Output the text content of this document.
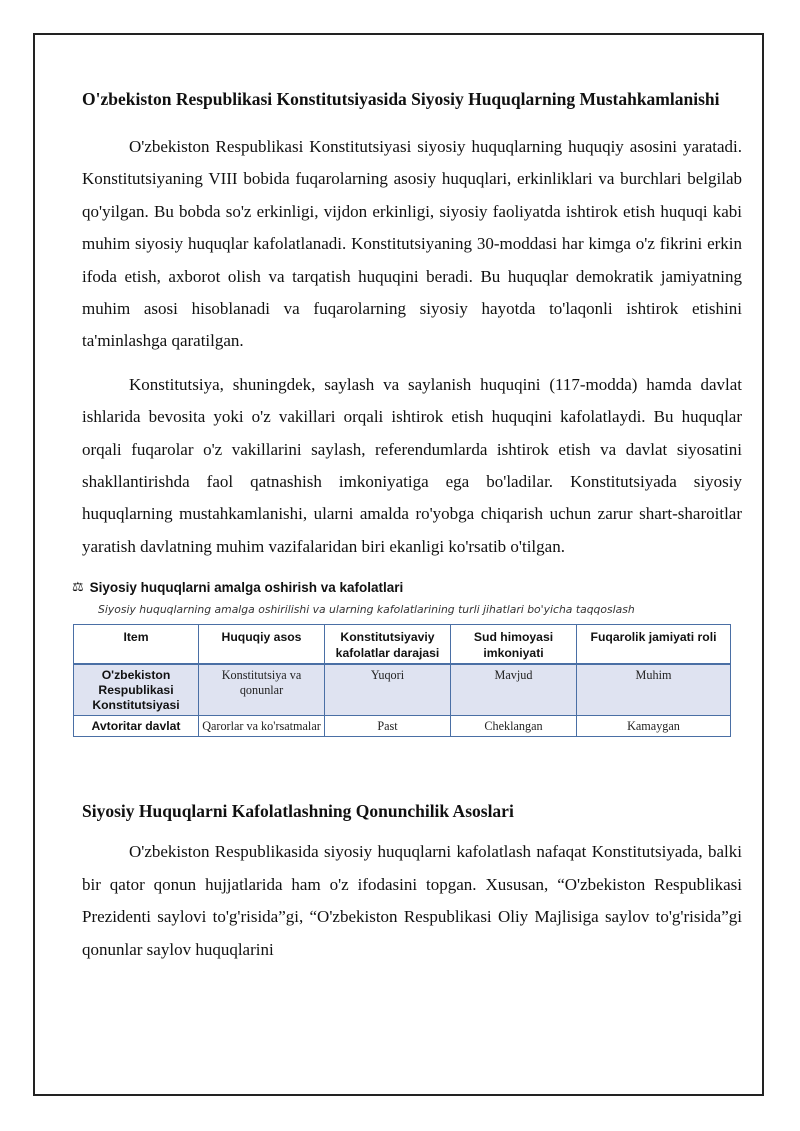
O'zbekiston Respublikasi Konstitutsiyasida Siyosiy Huquqlarning Mustahkamlanishi

O'zbekiston Respublikasi Konstitutsiyasi siyosiy huquqlarning huquqiy asosini yaratadi. Konstitutsiyaning VIII bobida fuqarolarning asosiy huquqlari, erkinliklari va burchlari belgilab qo'yilgan. Bu bobda so'z erkinligi, vijdon erkinligi, siyosiy faoliyatda ishtirok etish huquqi kabi muhim siyosiy huquqlar kafolatlanadi. Konstitutsiyaning 30-moddasi har kimga o'z fikrini erkin ifoda etish, axborot olish va tarqatish huquqini beradi. Bu huquqlar demokratik jamiyatning muhim asosi hisoblanadi va fuqarolarning siyosiy hayotda to'laqonli ishtirok etishini ta'minlashga qaratilgan.

Konstitutsiya, shuningdek, saylash va saylanish huquqini (117-modda) hamda davlat ishlarida bevosita yoki o'z vakillari orqali ishtirok etish huquqini kafolatlaydi. Bu huquqlar orqali fuqarolar o'z vakillarini saylash, referendumlarda ishtirok etish va davlat siyosatini shakllantirishda faol qatnashish imkoniyatiga ega bo'ladilar. Konstitutsiyada siyosiy huquqlarning mustahkamlanishi, ularni amalda ro'yobga chiqarish uchun zarur shart-sharoitlar yaratish davlatning muhim vazifalaridan biri ekanligi ko'rsatib o'tilgan.

⚖ Siyosiy huquqlarni amalga oshirish va kafolatlari
Siyosiy huquqlarning amalga oshirilishi va ularning kafolatlarining turli jihatlari bo'yicha taqqoslash
Item	Huquqiy asos	Konstitutsiyaviy kafolatlar darajasi	Sud himoyasi imkoniyati	Fuqarolik jamiyati roli
O'zbekiston Respublikasi Konstitutsiyasi	Konstitutsiya va qonunlar	Yuqori	Mavjud	Muhim
Avtoritar davlat	Qarorlar va ko'rsatmalar	Past	Cheklangan	Kamaygan
Siyosiy Huquqlarni Kafolatlashning Qonunchilik Asoslari

O'zbekiston Respublikasida siyosiy huquqlarni kafolatlash nafaqat Konstitutsiyada, balki bir qator qonun hujjatlarida ham o'z ifodasini topgan. Xususan, “O'zbekiston Respublikasi Prezidenti saylovi to'g'risida”gi, “O'zbekiston Respublikasi Oliy Majlisiga saylov to'g'risida”gi qonunlar saylov huquqlarini
